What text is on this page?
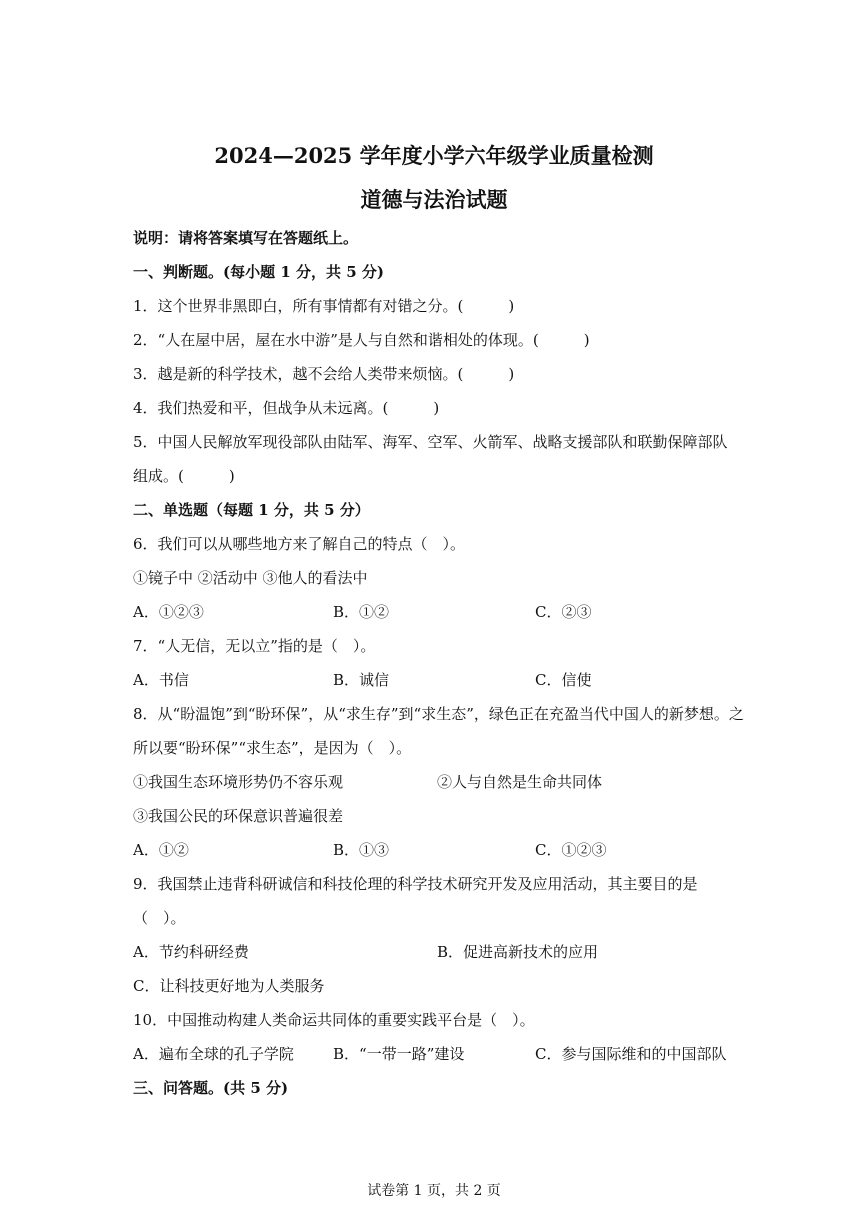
2024—2025 学年度小学六年级学业质量检测
道德与法治试题
说明：请将答案填写在答题纸上。
一、判断题。(每小题 1 分，共 5 分)
1．这个世界非黑即白，所有事情都有对错之分。(　　　)
2．“人在屋中居，屋在水中游”是人与自然和谐相处的体现。(　　　)
3．越是新的科学技术，越不会给人类带来烦恼。(　　　)
4．我们热爱和平，但战争从未远离。(　　　)
5．中国人民解放军现役部队由陆军、海军、空军、火箭军、战略支援部队和联勤保障部队
组成。(　　　)
二、单选题（每题 1 分，共 5 分）
6．我们可以从哪些地方来了解自己的特点（　）。
①镜子中 ②活动中 ③他人的看法中
A．①②③	B．①②	C．②③
7．“人无信，无以立”指的是（　）。
A．书信	B．诚信	C．信使
8．从“盼温饱”到“盼环保”，从“求生存”到“求生态”，绿色正在充盈当代中国人的新梦想。之
所以要“盼环保”“求生态”，是因为（　）。
①我国生态环境形势仍不容乐观	②人与自然是生命共同体
③我国公民的环保意识普遍很差
A．①②	B．①③	C．①②③
9．我国禁止违背科研诚信和科技伦理的科学技术研究开发及应用活动，其主要目的是
（　）。
A．节约科研经费	B．促进高新技术的应用
C．让科技更好地为人类服务
10．中国推动构建人类命运共同体的重要实践平台是（　）。
A．遍布全球的孔子学院	B．“一带一路”建设	C．参与国际维和的中国部队
三、问答题。(共 5 分)
试卷第 1 页，共 2 页
